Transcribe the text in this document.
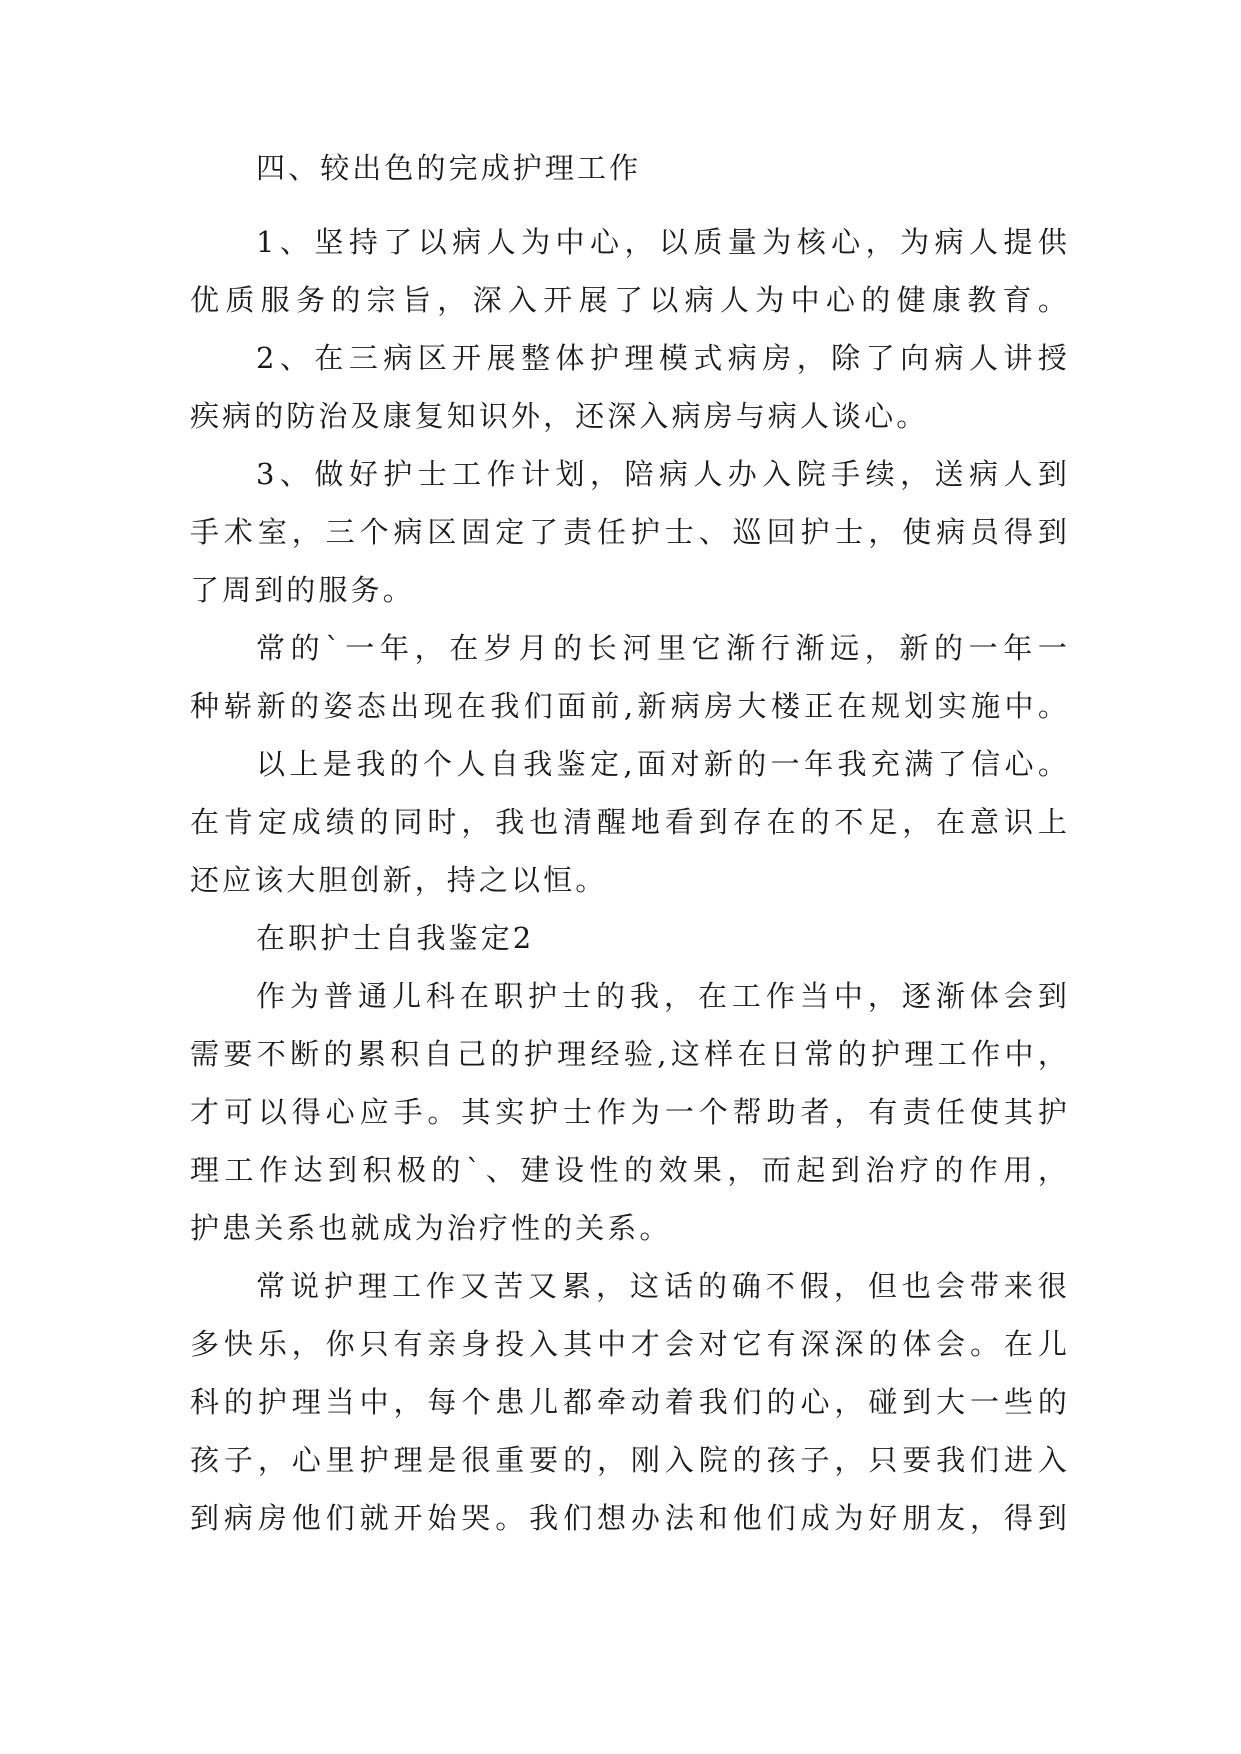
四、较出色的完成护理工作
1、坚持了以病人为中心，以质量为核心，为病人提供
优质服务的宗旨，深入开展了以病人为中心的健康教育。
2、在三病区开展整体护理模式病房，除了向病人讲授
疾病的防治及康复知识外，还深入病房与病人谈心。
3、做好护士工作计划，陪病人办入院手续，送病人到
手术室，三个病区固定了责任护士、巡回护士，使病员得到
了周到的服务。
常的`一年，在岁月的长河里它渐行渐远，新的一年一
种崭新的姿态出现在我们面前,新病房大楼正在规划实施中。
以上是我的个人自我鉴定,面对新的一年我充满了信心。
在肯定成绩的同时，我也清醒地看到存在的不足，在意识上
还应该大胆创新，持之以恒。
在职护士自我鉴定2
作为普通儿科在职护士的我，在工作当中，逐渐体会到
需要不断的累积自己的护理经验,这样在日常的护理工作中，
才可以得心应手。其实护士作为一个帮助者，有责任使其护
理工作达到积极的`、建设性的效果，而起到治疗的作用，
护患关系也就成为治疗性的关系。
常说护理工作又苦又累，这话的确不假，但也会带来很
多快乐，你只有亲身投入其中才会对它有深深的体会。在儿
科的护理当中，每个患儿都牵动着我们的心，碰到大一些的
孩子，心里护理是很重要的，刚入院的孩子，只要我们进入
到病房他们就开始哭。我们想办法和他们成为好朋友，得到
